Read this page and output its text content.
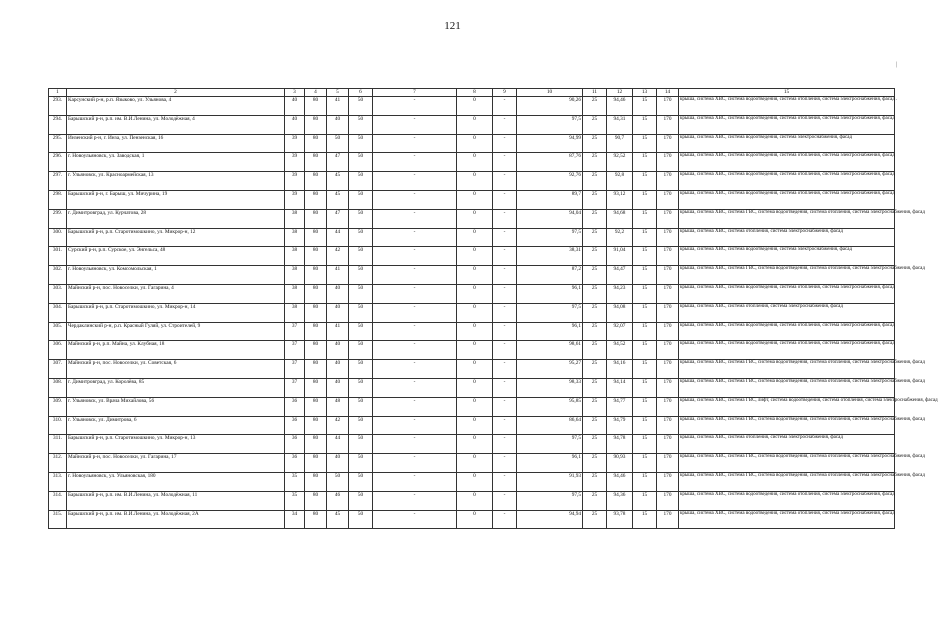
121
1	2	3	4	5	6	7	8	9	10	11	12	13	14	15
293.	Карсунский р-н, р.п. Языково, ул. Ульянова, 4	40	80	41	50	-	0	-	90,26	25	94,46	15	170	крыша, система ХВС, система водоотведения, система отопления, система электроснабжения, фасад
294.	Барышский р-н, р.п. им. В.И.Ленина, ул. Молодёжная, 4	40	80	40	50	-	0	-	97,5	25	94,31	15	170	крыша, система ХВС, система водоотведения, система отопления, система электроснабжения, фасад
295.	Инзенский р-н, г. Инза, ул. Пензенская, 16	39	80	50	50	-	0	-	94,99	25	90,7	15	170	крыша, система ХВС, система водоотведения, система электроснабжения, фасад
296.	г. Новоульяновск, ул. Заводская, 1	39	80	47	50	-	0	-	87,76	25	92,52	15	170	крыша, система ХВС, система водоотведения, система отопления, система электроснабжения, фасад
297.	г. Ульяновск, ул. Красноармейская, 13	39	80	45	50	-	0	-	92,76	25	92,8	15	170	крыша, система ХВС, система водоотведения, система отопления, система электроснабжения, фасад
298.	Барышский р-н, г. Барыш, ул. Мичурина, 19	39	80	45	50	-	0	-	89,7	25	93,12	15	170	крыша, система ХВС, система водоотведения, система отопления, система электроснабжения, фасад
299.	г. Димитровград, ул. Курчатова, 28	38	80	47	50	-	0	-	94,04	25	94,68	15	170	крыша, система ХВС, система ГВС, система водоотведения, система отопления, система электроснабжения, фасад
300.	Барышский р-н, р.п. Старотимошкино, ул. Микрор-н, 12	38	80	44	50	-	0	-	97,5	25	92,2	15	170	крыша, система ХВС, система отопления, система электроснабжения, фасад
301.	Сурский р-н, р.п. Сурское, ул. Энгельса, 48	38	80	42	50	-	0	-	38,31	25	91,04	15	170	крыша, система ХВС, система водоотведения, система электроснабжения, фасад
302.	г. Новоульяновск, ул. Комсомольская, 1	38	80	41	50	-	0	-	87,2	25	94,47	15	170	крыша, система ХВС, система ГВС, система водоотведения, система отопления, система электроснабжения, фасад
303.	Майнский р-н, пос. Новоселки, ул. Гагарина, 4	38	80	40	50	-	0	-	96,1	25	94,23	15	170	крыша, система ХВС, система водоотведения, система отопления, система электроснабжения, фасад
304.	Барышский р-н, р.п. Старотимошкино, ул. Микрор-н, 14	38	80	40	50	-	0	-	97,5	25	94,08	15	170	крыша, система ХВС, система отопления, система электроснабжения, фасад
305.	Чердаклинский р-н, р.п. Красный Гуляй, ул. Строителей, 9	37	80	41	50	-	0	-	96,1	25	92,07	15	170	крыша, система ХВС, система водоотведения, система отопления, система электроснабжения, фасад
306.	Майнский р-н, р.п. Майна, ул. Клубная, 18	37	80	40	50	-	0	-	98,61	25	94,52	15	170	крыша, система ХВС, система водоотведения, система отопления, система электроснабжения, фасад
307.	Майнский р-н, пос. Новоселки, ул. Советская, 6	37	80	40	50	-	0	-	95,27	25	94,16	15	170	крыша, система ХВС, система ГВС, система водоотведения, система отопления, система электроснабжения, фасад
308.	г. Димитровград, ул. Королёва, 85	37	80	40	50	-	0	-	98,33	25	94,14	15	170	крыша, система ХВС, система ГВС, система водоотведения, система отопления, система электроснабжения, фасад
309.	г. Ульяновск, ул. Врача Михайлова, 56	36	80	48	50	-	0	-	95,85	25	94,77	15	170	крыша, система ХВС, система ГВС, лифт, система водоотведения, система отопления, система электроснабжения, фасад
310.	г. Ульяновск, ул. Димитрова, 6	36	80	42	50	-	0	-	86,64	25	94,79	15	170	крыша, система ХВС, система ГВС, система водоотведения, система отопления, система электроснабжения, фасад
311.	Барышский р-н, р.п. Старотимошкино, ул. Микрор-н, 13	36	80	44	50	-	0	-	97,5	25	94,78	15	170	крыша, система ХВС, система отопления, система электроснабжения, фасад
312.	Майнский р-н, пос. Новоселки, ул. Гагарина, 17	36	80	40	50	-	0	-	96,1	25	90,93	15	170	крыша, система ХВС, система ГВС, система водоотведения, система отопления, система электроснабжения, фасад
313.	г. Новоульяновск, ул. Ульяновская, 180	35	80	50	50	-	0	-	91,93	25	94,46	15	170	крыша, система ХВС, система ГВС, система водоотведения, система отопления, система электроснабжения, фасад
314.	Барышский р-н, р.п. им. В.И.Ленина, ул. Молодёжная, 11	35	80	46	50	-	0	-	97,5	25	94,36	15	170	крыша, система ХВС, система водоотведения, система отопления, система электроснабжения, фасад
315.	Барышский р-н, р.п. им. В.И.Ленина, ул. Молодёжная, 2А	34	80	45	50	-	0	-	94,94	25	93,78	15	170	крыша, система ХВС, система водоотведения, система отопления, система электроснабжения, фасад
|
.
